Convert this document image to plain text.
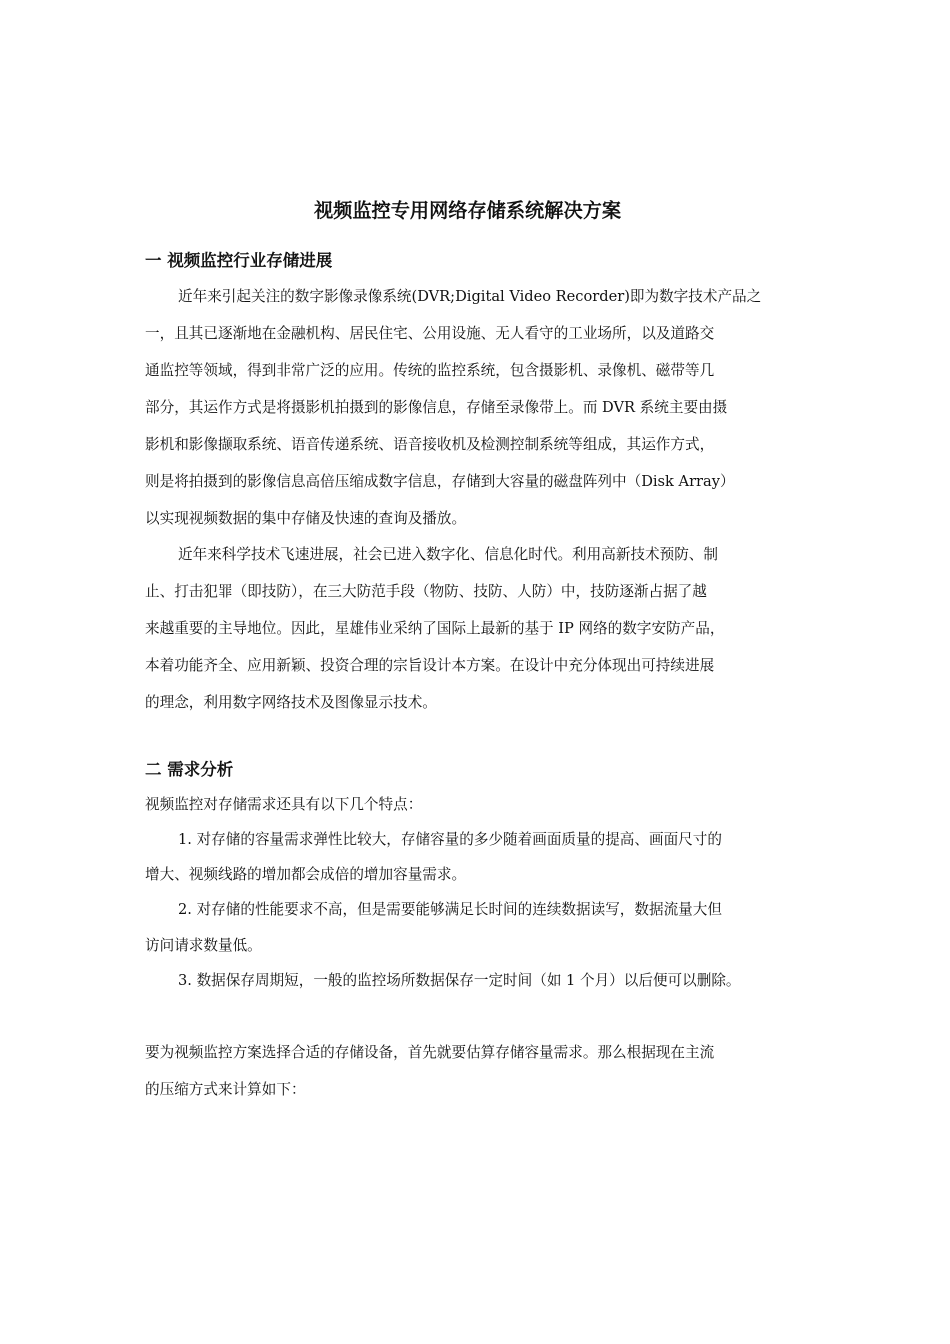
视频监控专用网络存储系统解决方案
一 视频监控行业存储进展
近年来引起关注的数字影像录像系统(DVR;Digital Video Recorder)即为数字技术产品之
一，且其已逐渐地在金融机构、居民住宅、公用设施、无人看守的工业场所，以及道路交
通监控等领域，得到非常广泛的应用。传统的监控系统，包含摄影机、录像机、磁带等几
部分，其运作方式是将摄影机拍摄到的影像信息，存储至录像带上。而 DVR 系统主要由摄
影机和影像撷取系统、语音传递系统、语音接收机及检测控制系统等组成，其运作方式，
则是将拍摄到的影像信息高倍压缩成数字信息，存储到大容量的磁盘阵列中（Disk Array）
以实现视频数据的集中存储及快速的查询及播放。
近年来科学技术飞速进展，社会已进入数字化、信息化时代。利用高新技术预防、制
止、打击犯罪（即技防），在三大防范手段（物防、技防、人防）中，技防逐渐占据了越
来越重要的主导地位。因此，星雄伟业采纳了国际上最新的基于 IP 网络的数字安防产品，
本着功能齐全、应用新颖、投资合理的宗旨设计本方案。在设计中充分体现出可持续进展
的理念，利用数字网络技术及图像显示技术。
二 需求分析
视频监控对存储需求还具有以下几个特点：
1. 对存储的容量需求弹性比较大，存储容量的多少随着画面质量的提高、画面尺寸的
增大、视频线路的增加都会成倍的增加容量需求。
2. 对存储的性能要求不高，但是需要能够满足长时间的连续数据读写，数据流量大但
访问请求数量低。
3. 数据保存周期短，一般的监控场所数据保存一定时间（如 1 个月）以后便可以删除。
要为视频监控方案选择合适的存储设备，首先就要估算存储容量需求。那么根据现在主流
的压缩方式来计算如下：
